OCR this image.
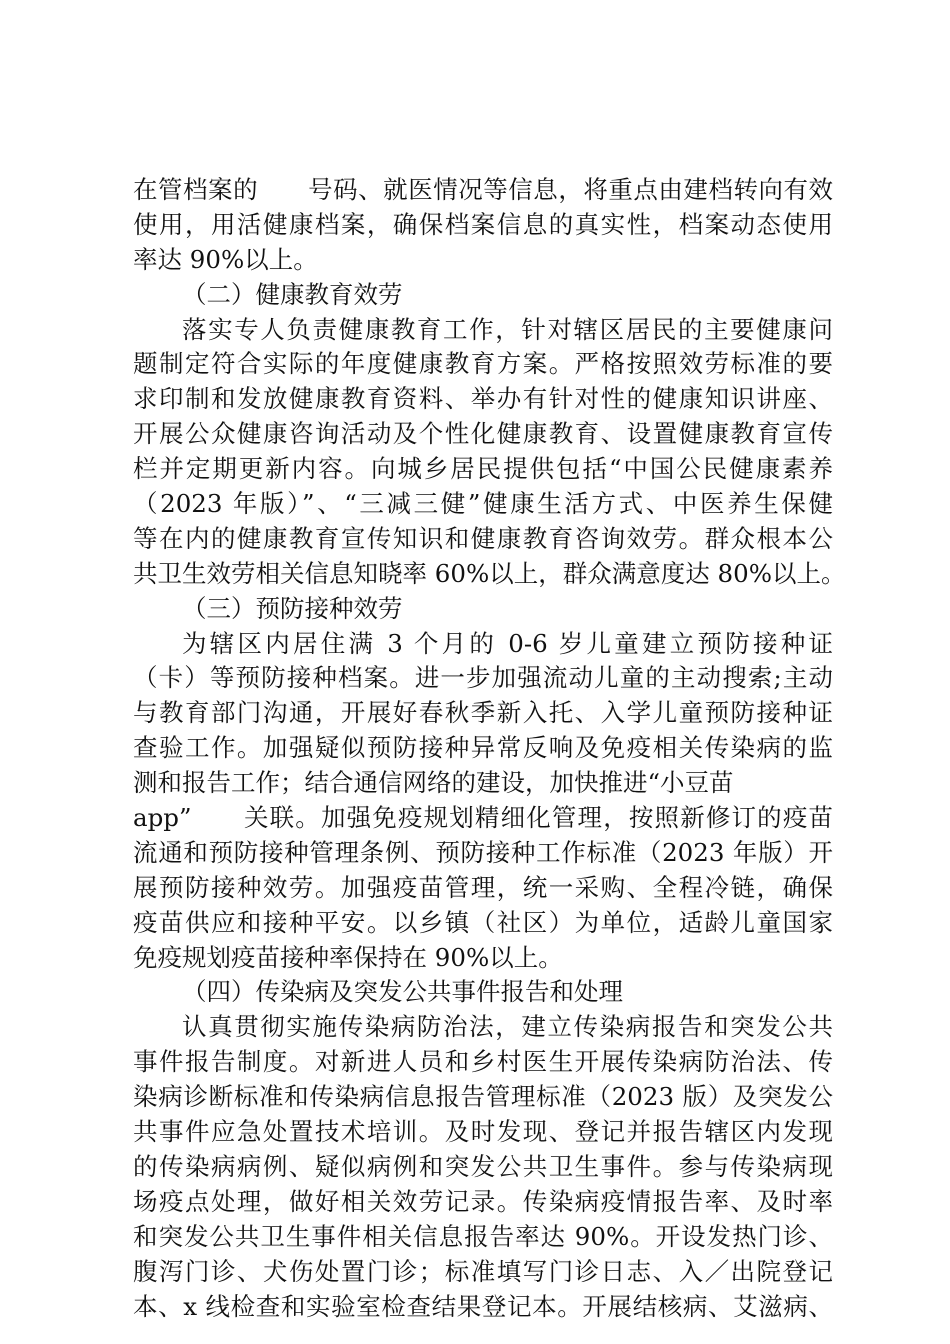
在管档案的　　号码、就医情况等信息，将重点由建档转向有效
使用，用活健康档案，确保档案信息的真实性，档案动态使用
率达 90%以上。
（二）健康教育效劳
落实专人负责健康教育工作，针对辖区居民的主要健康问
题制定符合实际的年度健康教育方案。严格按照效劳标准的要
求印制和发放健康教育资料、举办有针对性的健康知识讲座、
开展公众健康咨询活动及个性化健康教育、设置健康教育宣传
栏并定期更新内容。向城乡居民提供包括“中国公民健康素养
（2023 年版）”、“三减三健”健康生活方式、中医养生保健
等在内的健康教育宣传知识和健康教育咨询效劳。群众根本公
共卫生效劳相关信息知晓率 60%以上，群众满意度达 80%以上。
（三）预防接种效劳
为辖区内居住满 3 个月的 0-6 岁儿童建立预防接种证
（卡）等预防接种档案。进一步加强流动儿童的主动搜索;主动
与教育部门沟通，开展好春秋季新入托、入学儿童预防接种证
查验工作。加强疑似预防接种异常反响及免疫相关传染病的监
测和报告工作；结合通信网络的建设，加快推进“小豆苗
app”　　关联。加强免疫规划精细化管理，按照新修订的疫苗
流通和预防接种管理条例、预防接种工作标准（2023 年版）开
展预防接种效劳。加强疫苗管理，统一采购、全程冷链，确保
疫苗供应和接种平安。以乡镇（社区）为单位，适龄儿童国家
免疫规划疫苗接种率保持在 90%以上。
（四）传染病及突发公共事件报告和处理
认真贯彻实施传染病防治法，建立传染病报告和突发公共
事件报告制度。对新进人员和乡村医生开展传染病防治法、传
染病诊断标准和传染病信息报告管理标准（2023 版）及突发公
共事件应急处置技术培训。及时发现、登记并报告辖区内发现
的传染病病例、疑似病例和突发公共卫生事件。参与传染病现
场疫点处理，做好相关效劳记录。传染病疫情报告率、及时率
和突发公共卫生事件相关信息报告率达 90%。开设发热门诊、
腹泻门诊、犬伤处置门诊；标准填写门诊日志、入／出院登记
本、x 线检查和实验室检查结果登记本。开展结核病、艾滋病、
